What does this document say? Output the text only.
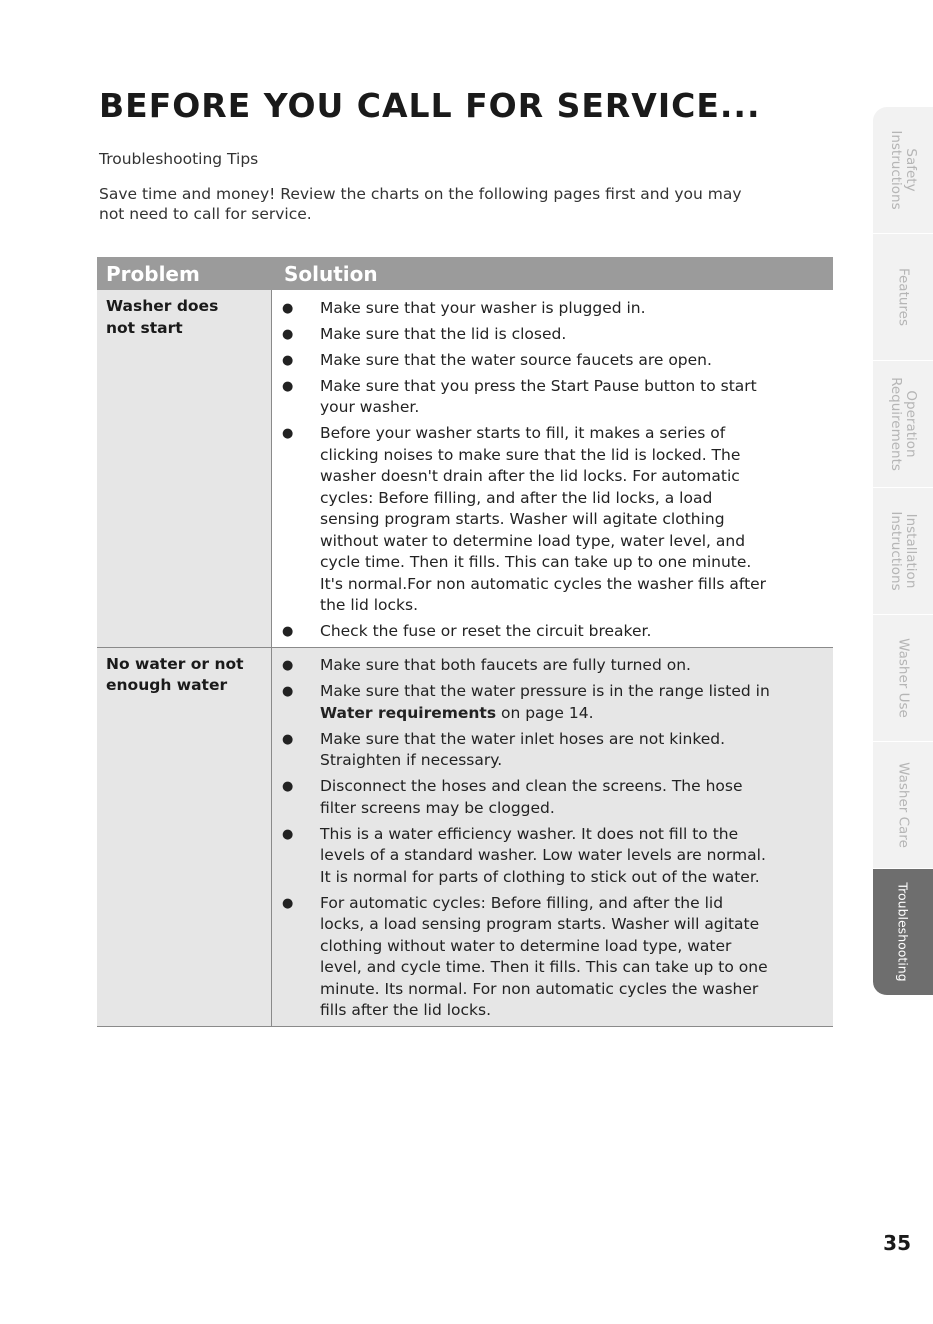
BEFORE YOU CALL FOR SERVICE...
Troubleshooting Tips
Save time and money! Review the charts on the following pages first and you may
not need to call for service.
Problem	Solution
Washer does
not start
● Make sure that your washer is plugged in.
● Make sure that the lid is closed.
● Make sure that the water source faucets are open.
● Make sure that you press the Start Pause button to start
your washer.
● Before your washer starts to fill, it makes a series of
clicking noises to make sure that the lid is locked. The
washer doesn't drain after the lid locks. For automatic
cycles: Before filling, and after the lid locks, a load
sensing program starts. Washer will agitate clothing
without water to determine load type, water level, and
cycle time. Then it fills. This can take up to one minute.
It's normal.For non automatic cycles the washer fills after
the lid locks.
● Check the fuse or reset the circuit breaker.
No water or not
enough water
● Make sure that both faucets are fully turned on.
● Make sure that the water pressure is in the range listed in
Water requirements on page 14.
● Make sure that the water inlet hoses are not kinked.
Straighten if necessary.
● Disconnect the hoses and clean the screens. The hose
filter screens may be clogged.
● This is a water efficiency washer. It does not fill to the
levels of a standard washer. Low water levels are normal.
It is normal for parts of clothing to stick out of the water.
● For automatic cycles: Before filling, and after the lid
locks, a load sensing program starts. Washer will agitate
clothing without water to determine load type, water
level, and cycle time. Then it fills. This can take up to one
minute. Its normal. For non automatic cycles the washer
fills after the lid locks.
Safety
Instructions
Features
Operation
Requirements
Installation
Instructions
Washer Use
Washer Care
Troubleshooting
35
